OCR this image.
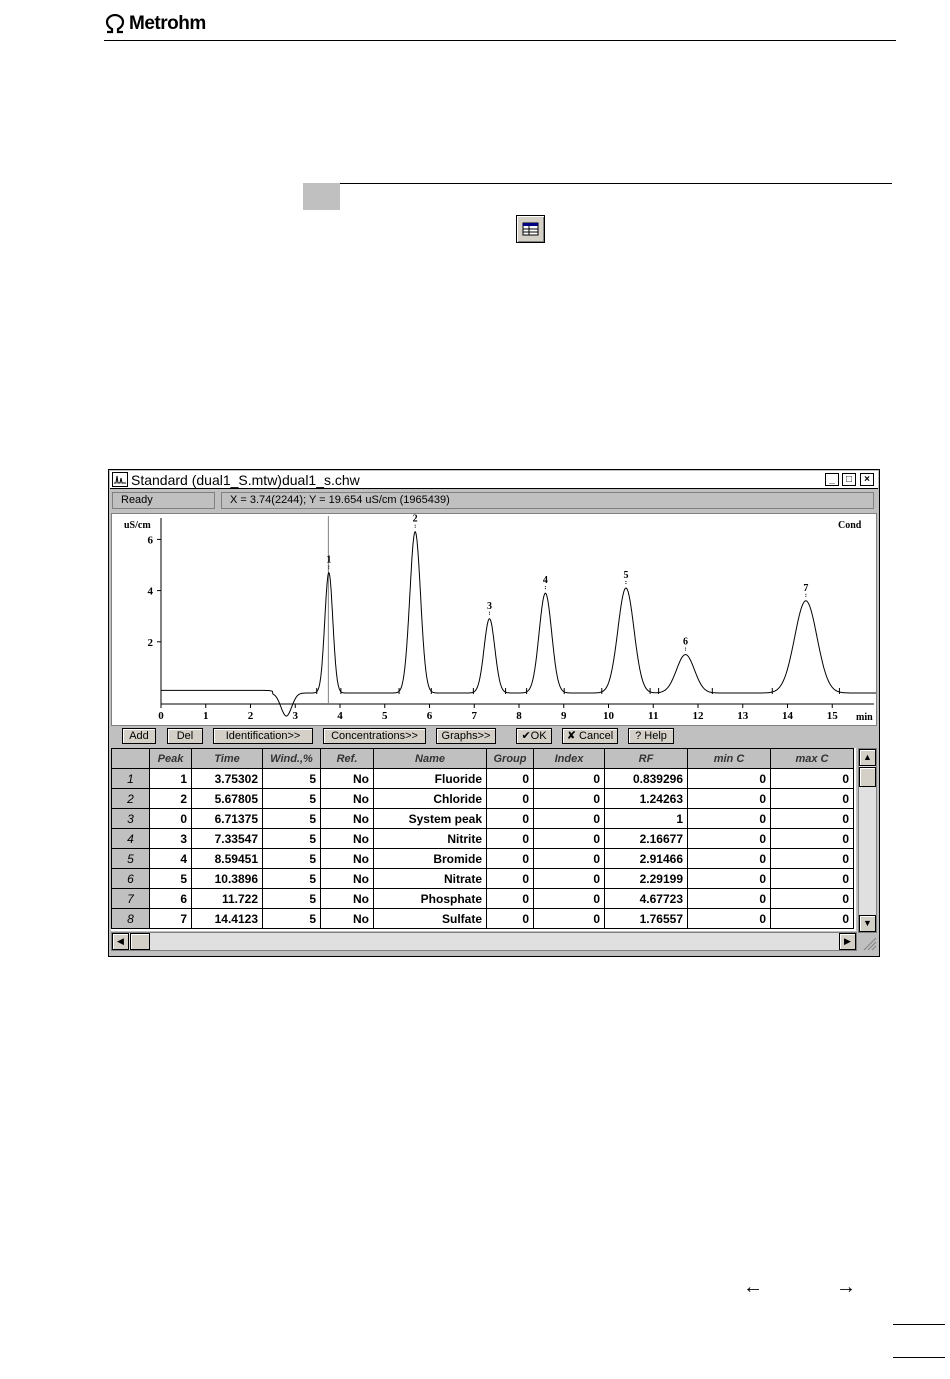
Metrohm
Standard (dual1_S.mtw)dual1_s.chw	_	□	×
Ready	X = 3.74(2244); Y = 19.654 uS/cm (1965439)
0	1	2	3	4	5	6	7	8	9	10	11	12	13	14	15
2
4
6
1
2
3
4	5
6
7
uS/cm	Cond
min
Add	Del	Identification>>	Concentrations>>	Graphs>>	✔OK	✘ Cancel	? Help
	Peak	Time	Wind.,%	Ref.	Name	Group	Index	RF	min C	max C
1	1	3.75302	5	No	Fluoride	0	0	0.839296	0	0
2	2	5.67805	5	No	Chloride	0	0	1.24263	0	0
3	0	6.71375	5	No	System peak	0	0	1	0	0
4	3	7.33547	5	No	Nitrite	0	0	2.16677	0	0
5	4	8.59451	5	No	Bromide	0	0	2.91466	0	0
6	5	10.3896	5	No	Nitrate	0	0	2.29199	0	0
7	6	11.722	5	No	Phosphate	0	0	4.67723	0	0
8	7	14.4123	5	No	Sulfate	0	0	1.76557	0	0
▲
▼
◀	▶
←	→
